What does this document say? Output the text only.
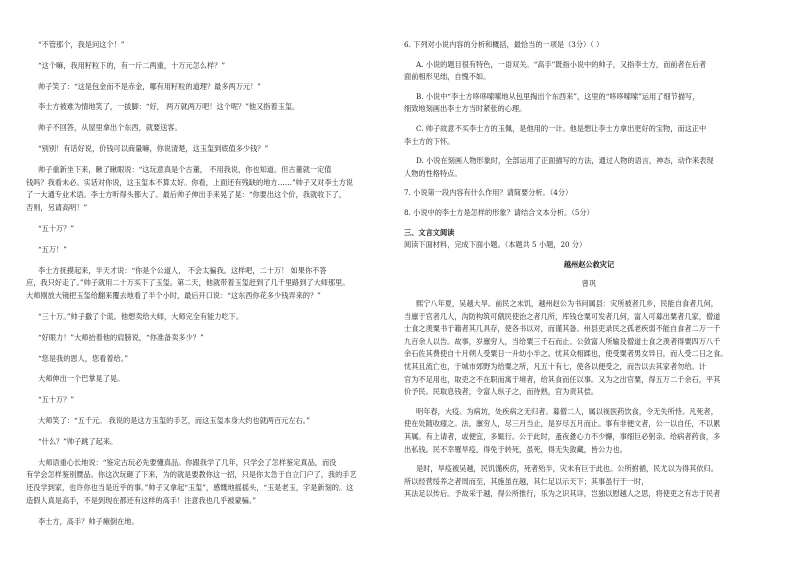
“不管那个，我是问这个！”
“这个嘛，我用籽粒下的，有一斤二两重，十万元怎么样？”
帅子笑了：“这是包金而不是赤金，哪有用籽粒的道理？最多两万元！”
李士方被难为情地笑了，一拔脚：“好， 两万就两万吧！这个呢？”他又指着玉玺。
帅子不回答，从屋里拿出个东西，就要送客。
“别别！有话好说，价钱可以商量嘛，你说清楚，这玉玺到底值多少钱？”
帅子重新坐下来，瞅了瞅眼说：“这玩意真是个古董， 不用我说，你也知道。但古董就一定值
钱吗？我看未必。实话对你说，这玉玺本不算太好。你看，上面还有残缺的地方……”帅子又对李士方说
了一大通专业术语。李士方听得头都大了。最后帅子伸出手来晃了晃：“你要出这个价，我就收下了，
否则，另请高明！”
“五十万？”
“五万！”
李士方抚摸起来，半天才说：“你是个公道人， 不会太骗我。这样吧，二十万！ 如果你不答
应，我只好走了。”帅子就用二十万买下了玉玺。第二天，他就带着玉玺赶到了几千里路到了大师那里。
大师刚放大镜把玉玺给翻来覆去地看了半个小时，最后开口说：“这东西你花多少钱弄来的？”
“三十万。”帅子撒了个谎。他想卖给大师，大师完全有能力吃下。
“好眼力！”大师抬着他的肩膀说，“你准备卖多少？”
“您是我的恩人，您看着给。”
大师伸出一个巴掌晃了晃。
“五十万？”
大师笑了：“五千元。 我说的是这方玉玺的手艺，而这玉玺本身大约也就两百元左右。”
“什么？”帅子跳了起来。
大师语重心长地说：“鉴定古玩必先要懂真品。你跟我学了几年，只学会了怎样鉴定真品，而没
有学会怎样鉴别赝品。你这次玩砸了下来，为的就是要教你这一招，只是你太急于自立门户了，我的手艺
还没学到家，也许你也当是近乎的事。”帅子又拿起“玉玺”，感慨地摇摇头，“玉是老玉，字是新刻的。这
造假人真是高手，不是到现在都还有这样的高手！注意我也几乎被蒙骗。”
李士方，高手？帅子瘫倒在地。
6. 下列对小说内容的分析和概括，最恰当的一项是（3分）（ ）
A. 小说的题目很有特色，一语双关。“高手”既指小说中的帅子，又指李士方，而前者在后者
面前相形见绌，自愧不如。
B. 小说中“李士方哆哆嗦嗦地从包里掏出个东西来”，这里的“哆哆嗦嗦”运用了细节描写，
细致地刻画出李士方当时紧张的心理。
C. 帅子故意不买李士方的玉佩，是他用的一计。他是想让李士方拿出更好的宝物，而这正中
李士方的下怀。
D. 小说在刻画人物形象时，全部运用了正面描写的方法，通过人物的语言，神态，动作来表现
人物的性格特点。
7. 小说第一段内容有什么作用？请简要分析。（4分）
8. 小说中的李士方是怎样的形象？请结合文本分析。（5分）
三、文言文阅读
阅读下面材料，完成下面小题。（本题共 5 小题，20 分）
越州赵公救灾记
曾巩
熙宁八年夏，吴越大旱。前民之未饥，越州赵公为书问属县：灾所被者几乡，民能自食者几何，
当廪于官者几人，沟防构筑可僦民使治之者几所，库钱仓粟可发者几何，富人可募出粟者几家，僧道
士食之羡粟书于籍者其几具存，使各书以对，而谨其备。州县吏录民之孤老疾弱不能自食者二万一千
九百余人以告。故事，岁廪穷人，当给粟三千石而止。公敛富人所输及僧道士食之羡者得粟四万八千
余石佐其费使自十月朔人受粟日一升幼小半之。忧其众相蹂也，使受粟者男女异日，而人受二日之食。
忧其且流亡也，于城市郊野为给粟之所，凡五十有七，使各以便受之，而告以去其家者勿给。计
官为不足用也，取吏之不在职而寓于境者，给其食而任以事。又为之出官粟，得五万二千余石，平其
价予民。民取息钱者，令富人纵子之，而待熟，官为责其偿。
明年春，大疫。为病坊，处疾病之无归者。募僧二人，属以视医药饮食，令无失所恃。凡死者，
使在处随收瘗之。法，廪穷人，尽三月当止，是岁尽五月而止。事有非便文者，公一以自任，不以累
其属。有上请者，或便宜，多辄行。公于此时，蚤夜惫心力不少懈，事细巨必躬亲。给病者药食，多
出私钱。民不幸罹旱疫，得免于转死，虽死，得无失敛藏，皆公力也。
是时，旱疫被吴越，民饥馑疾疠，死者殆半，灾未有巨于此也。公所拊循，民尤以为得其依归。
所以经营绥养之者周而至，其施虽在越，其仁足以示天下；其事虽行于一时，
其法足以传后。予故采于越，得公所推行，乐为之识其详，岂独以慰越人之思，将使吏之有志于民者
